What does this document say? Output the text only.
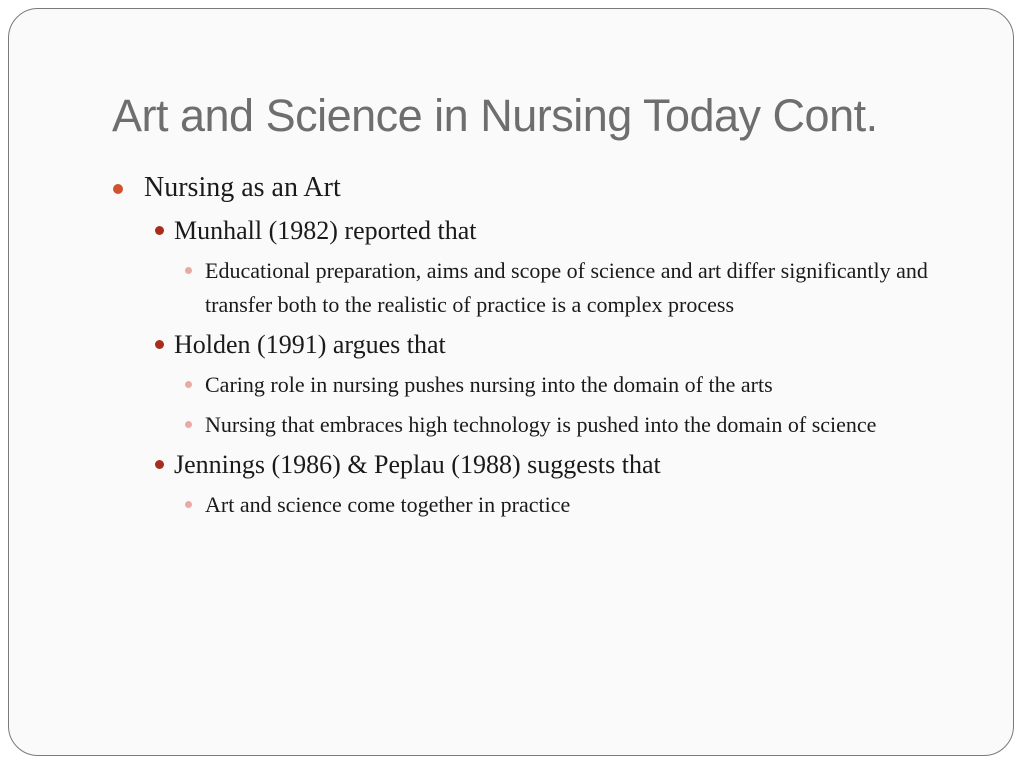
Art and Science in Nursing Today Cont.
Nursing as an Art
Munhall (1982) reported that
Educational preparation, aims and scope of science and art differ significantly and transfer both to the realistic of practice is a complex process
Holden (1991) argues that
Caring role in nursing pushes nursing into the domain of the arts
Nursing that embraces high technology is pushed into the domain of science
Jennings (1986) & Peplau (1988) suggests that
Art and science come together in practice
